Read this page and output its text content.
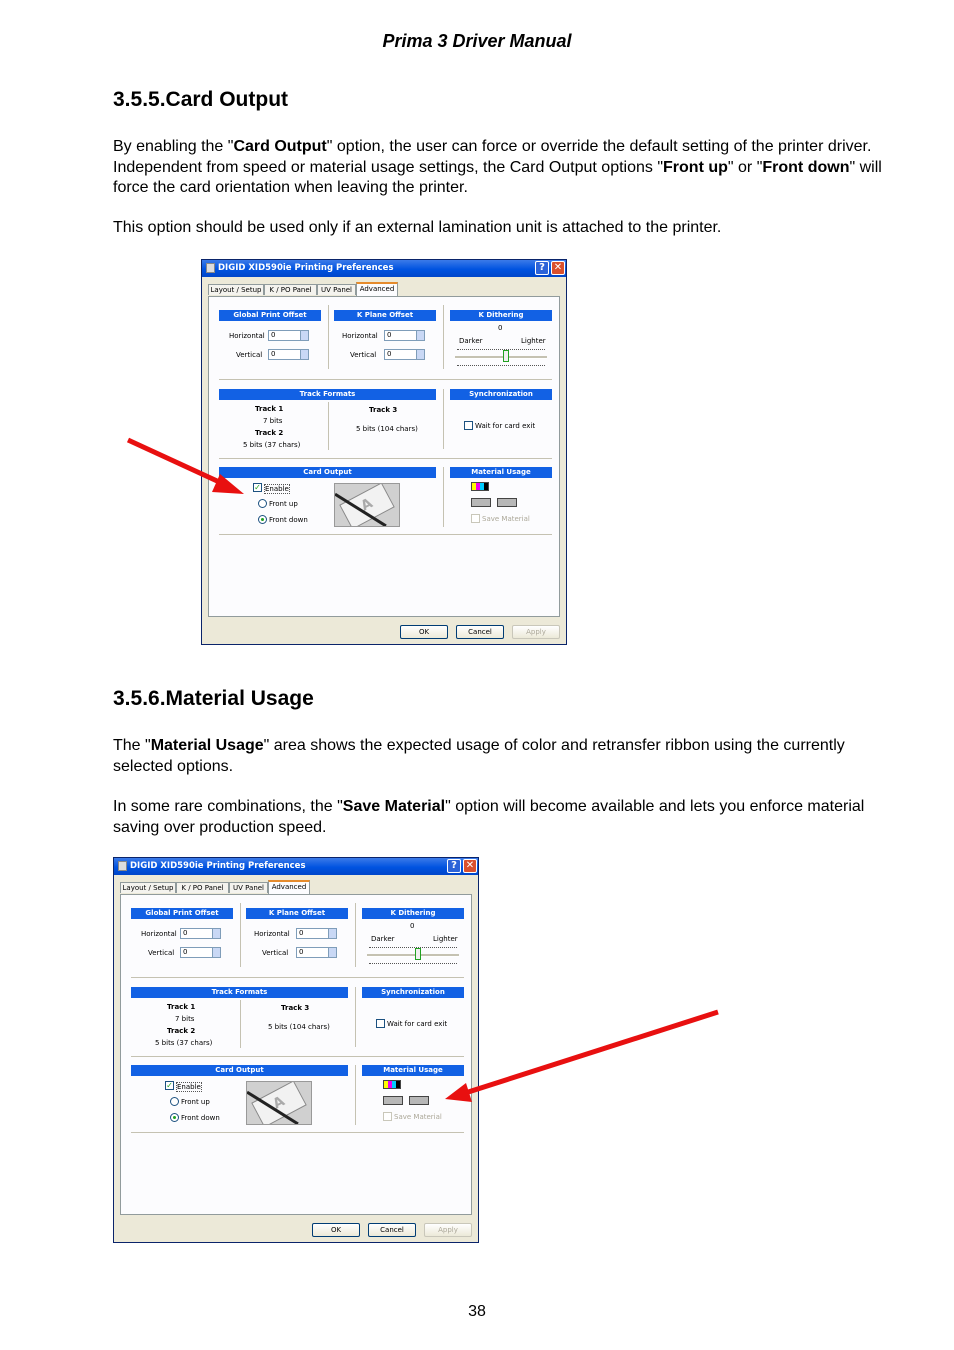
Prima 3 Driver Manual
3.5.5.Card Output
By enabling the "Card Output" option, the user can force or override the default setting of the printer driver. Independent from speed or material usage settings, the Card Output options "Front up" or "Front down" will force the card orientation when leaving the printer.
This option should be used only if an external lamination unit is attached to the printer.
DIGID XID590ie Printing Preferences	? ✕
Layout / Setup	K / PO Panel	UV Panel	Advanced
Global Print Offset
Horizontal 0
Vertical	0
K Plane Offset
Horizontal	0
Vertical	0
K Dithering
0
Darker	Lighter
Track Formats
Track 1
7 bits
Track 2
5 bits (37 chars)
Track 3
5 bits (104 chars)
Synchronization
Wait for card exit
Card Output
✓ Enable
Front up
Front down
A
Material Usage
Save Material
OK	Cancel	Apply
3.5.6.Material Usage
The "Material Usage" area shows the expected usage of color and retransfer ribbon using the currently selected options.
In some rare combinations, the "Save Material" option will become available and lets you enforce material saving over production speed.
DIGID XID590ie Printing Preferences	? ✕
Layout / Setup	K / PO Panel	UV Panel	Advanced
Global Print Offset
Horizontal 0
Vertical	0
K Plane Offset
Horizontal	0
Vertical	0
K Dithering
0
Darker	Lighter
Track Formats
Track 1
7 bits
Track 2
5 bits (37 chars)
Track 3
5 bits (104 chars)
Synchronization
Wait for card exit
Card Output
✓ Enable
Front up
Front down
A
Material Usage
Save Material
OK	Cancel	Apply
38
